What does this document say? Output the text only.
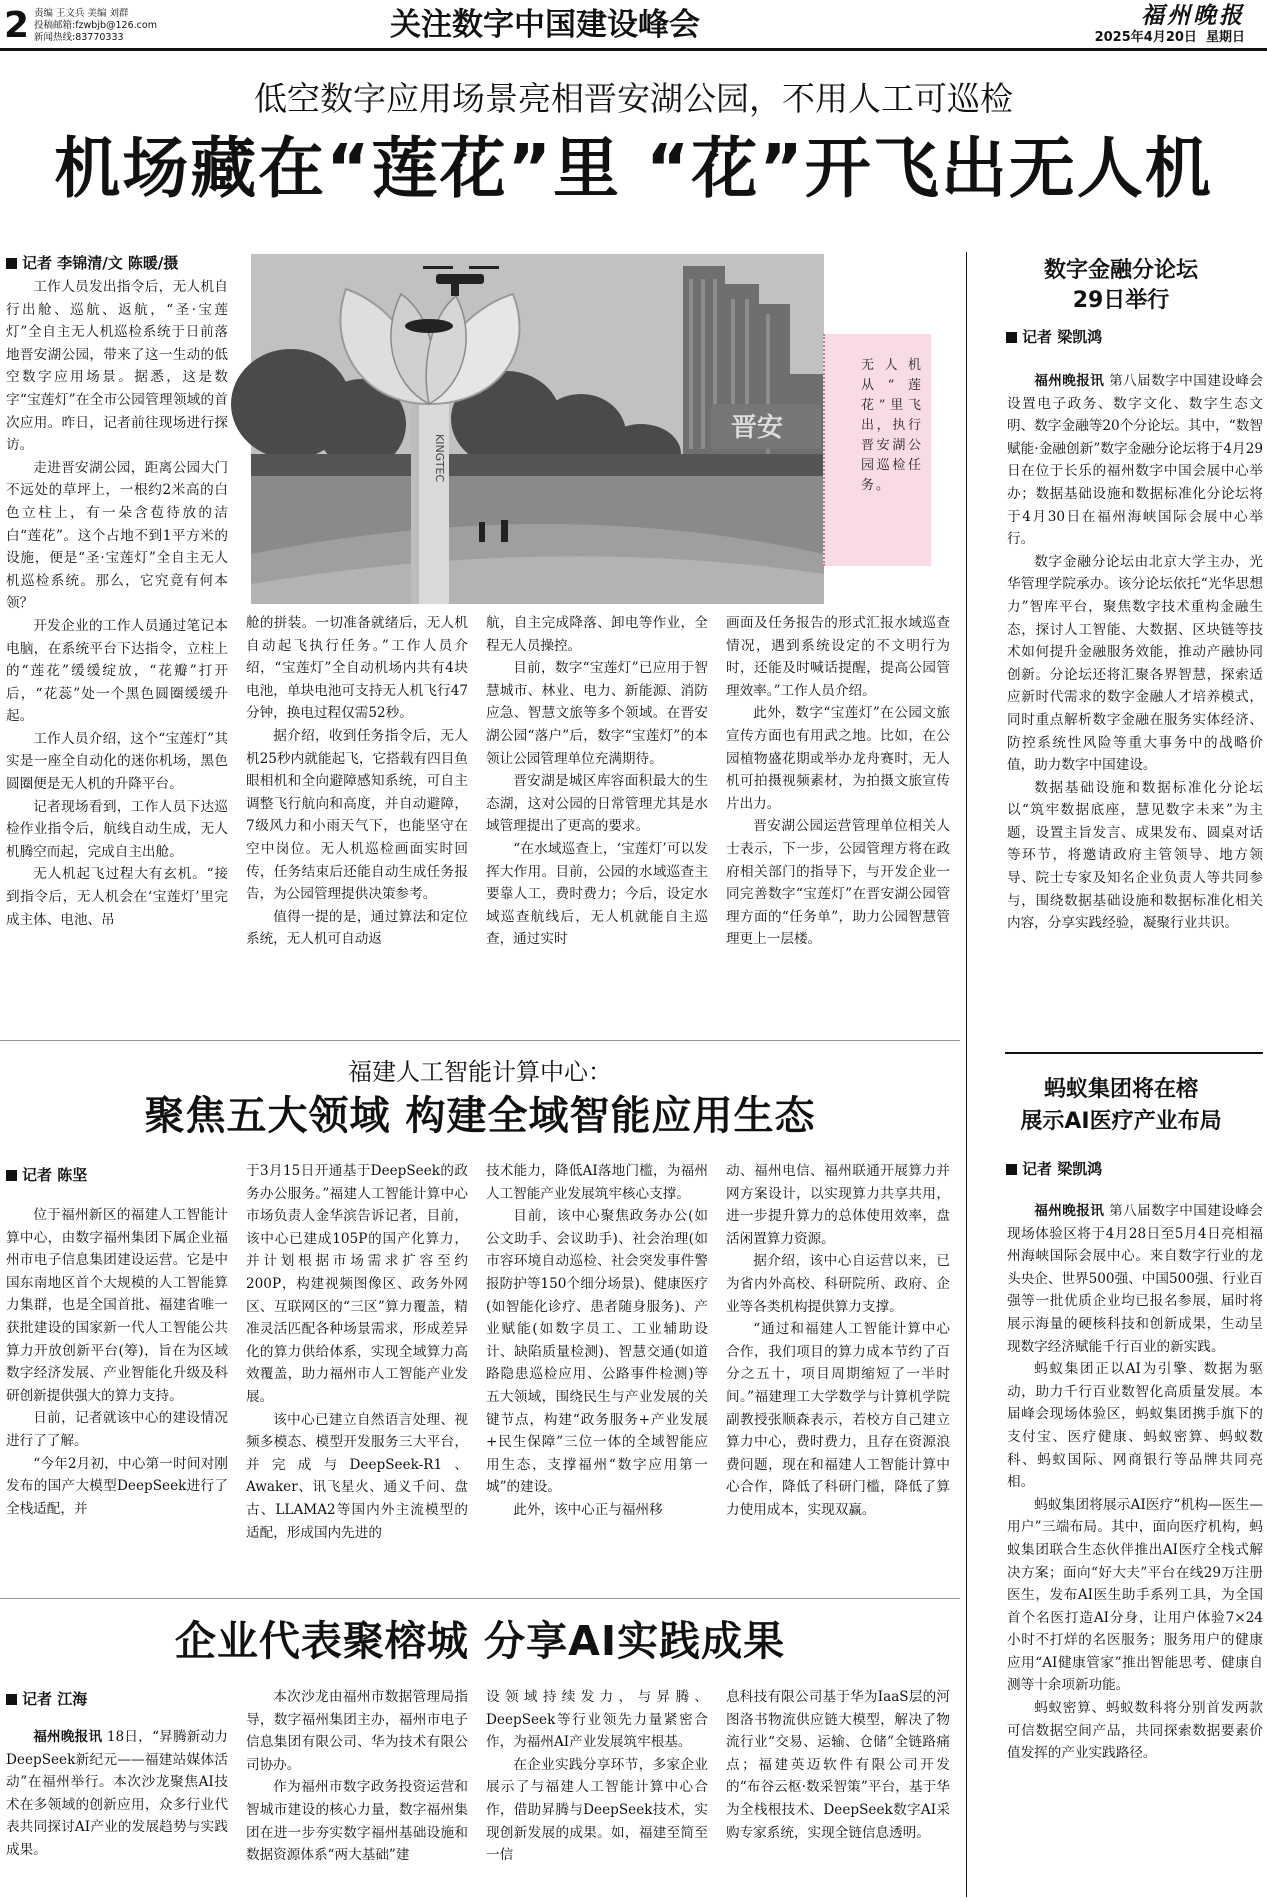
2 责编 王文兵 美编 刘群
投稿邮箱:fzwbjb@126.com
新闻热线:83770333	关注数字中国建设峰会	福州晚报
2025年4月20日 星期日
低空数字应用场景亮相晋安湖公园，不用人工可巡检
机场藏在“莲花”里 “花”开飞出无人机
记者 李锦清/文 陈暖/摄
晋安
KINGTEC
无人机从“莲花”里飞出，执行晋安湖公园巡检任务。

工作人员发出指令后，无人机自行出舱、巡航、返航，“圣·宝莲灯”全自主无人机巡检系统于日前落地晋安湖公园，带来了这一生动的低空数字应用场景。据悉，这是数字“宝莲灯”在全市公园管理领域的首次应用。昨日，记者前往现场进行探访。

走进晋安湖公园，距离公园大门不远处的草坪上，一根约2米高的白色立柱上，有一朵含苞待放的洁白“莲花”。这个占地不到1平方米的设施，便是“圣·宝莲灯”全自主无人机巡检系统。那么，它究竟有何本领？

开发企业的工作人员通过笔记本电脑，在系统平台下达指令，立柱上的“莲花”缓缓绽放，“花瓣”打开后，“花蕊”处一个黑色圆圈缓缓升起。

工作人员介绍，这个“宝莲灯”其实是一座全自动化的迷你机场，黑色圆圈便是无人机的升降平台。

记者现场看到，工作人员下达巡检作业指令后，航线自动生成，无人机腾空而起，完成自主出舱。

无人机起飞过程大有玄机。“接到指令后，无人机会在‘宝莲灯’里完成主体、电池、吊

舱的拼装。一切准备就绪后，无人机自动起飞执行任务。”工作人员介绍，“宝莲灯”全自动机场内共有4块电池，单块电池可支持无人机飞行47分钟，换电过程仅需52秒。

据介绍，收到任务指令后，无人机25秒内就能起飞，它搭载有四目鱼眼相机和全向避障感知系统，可自主调整飞行航向和高度，并自动避障，7级风力和小雨天气下，也能坚守在空中岗位。无人机巡检画面实时回传，任务结束后还能自动生成任务报告，为公园管理提供决策参考。

值得一提的是，通过算法和定位系统，无人机可自动返

航，自主完成降落、卸电等作业，全程无人员操控。

目前，数字“宝莲灯”已应用于智慧城市、林业、电力、新能源、消防应急、智慧文旅等多个领域。在晋安湖公园“落户”后，数字“宝莲灯”的本领让公园管理单位充满期待。

晋安湖是城区库容面积最大的生态湖，这对公园的日常管理尤其是水域管理提出了更高的要求。

“在水域巡查上，‘宝莲灯’可以发挥大作用。目前，公园的水域巡查主要靠人工，费时费力；今后，设定水域巡查航线后，无人机就能自主巡查，通过实时

画面及任务报告的形式汇报水域巡查情况，遇到系统设定的不文明行为时，还能及时喊话提醒，提高公园管理效率。”工作人员介绍。

此外，数字“宝莲灯”在公园文旅宣传方面也有用武之地。比如，在公园植物盛花期或举办龙舟赛时，无人机可拍摄视频素材，为拍摄文旅宣传片出力。

晋安湖公园运营管理单位相关人士表示，下一步，公园管理方将在政府相关部门的指导下，与开发企业一同完善数字“宝莲灯”在晋安湖公园管理方面的“任务单”，助力公园智慧管理更上一层楼。

数字金融分论坛
29日举行
记者 梁凯鸿

福州晚报讯 第八届数字中国建设峰会设置电子政务、数字文化、数字生态文明、数字金融等20个分论坛。其中，“数智赋能·金融创新”数字金融分论坛将于4月29日在位于长乐的福州数字中国会展中心举办；数据基础设施和数据标准化分论坛将于4月30日在福州海峡国际会展中心举行。

数字金融分论坛由北京大学主办，光华管理学院承办。该分论坛依托“光华思想力”智库平台，聚焦数字技术重构金融生态，探讨人工智能、大数据、区块链等技术如何提升金融服务效能，推动产融协同创新。分论坛还将汇聚各界智慧，探索适应新时代需求的数字金融人才培养模式，同时重点解析数字金融在服务实体经济、防控系统性风险等重大事务中的战略价值，助力数字中国建设。

数据基础设施和数据标准化分论坛以“筑牢数据底座，慧见数字未来”为主题，设置主旨发言、成果发布、圆桌对话等环节，将邀请政府主管领导、地方领导、院士专家及知名企业负责人等共同参与，围绕数据基础设施和数据标准化相关内容，分享实践经验，凝聚行业共识。

蚂蚁集团将在榕
展示AI医疗产业布局
记者 梁凯鸿

福州晚报讯 第八届数字中国建设峰会现场体验区将于4月28日至5月4日亮相福州海峡国际会展中心。来自数字行业的龙头央企、世界500强、中国500强、行业百强等一批优质企业均已报名参展，届时将展示海量的硬核科技和创新成果，生动呈现数字经济赋能千行百业的新实践。

蚂蚁集团正以AI为引擎、数据为驱动，助力千行百业数智化高质量发展。本届峰会现场体验区，蚂蚁集团携手旗下的支付宝、医疗健康、蚂蚁密算、蚂蚁数科、蚂蚁国际、网商银行等品牌共同亮相。

蚂蚁集团将展示AI医疗“机构—医生—用户”三端布局。其中，面向医疗机构，蚂蚁集团联合生态伙伴推出AI医疗全栈式解决方案；面向“好大夫”平台在线29万注册医生，发布AI医生助手系列工具，为全国首个名医打造AI分身，让用户体验7×24小时不打烊的名医服务；服务用户的健康应用“AI健康管家”推出智能思考、健康自测等十余项新功能。

蚂蚁密算、蚂蚁数科将分别首发两款可信数据空间产品，共同探索数据要素价值发挥的产业实践路径。

福建人工智能计算中心：
聚焦五大领域 构建全域智能应用生态
记者 陈坚

位于福州新区的福建人工智能计算中心，由数字福州集团下属企业福州市电子信息集团建设运营。它是中国东南地区首个大规模的人工智能算力集群，也是全国首批、福建省唯一获批建设的国家新一代人工智能公共算力开放创新平台(筹)，旨在为区域数字经济发展、产业智能化升级及科研创新提供强大的算力支持。

日前，记者就该中心的建设情况进行了了解。

“今年2月初，中心第一时间对刚发布的国产大模型DeepSeek进行了全栈适配，并

于3月15日开通基于DeepSeek的政务办公服务。”福建人工智能计算中心市场负责人金华滨告诉记者，目前，该中心已建成105P的国产化算力，并计划根据市场需求扩容至约200P，构建视频图像区、政务外网区、互联网区的“三区”算力覆盖，精准灵活匹配各种场景需求，形成差异化的算力供给体系，实现全域算力高效覆盖，助力福州市人工智能产业发展。

该中心已建立自然语言处理、视频多模态、模型开发服务三大平台，并完成与DeepSeek-R1、Awaker、讯飞星火、通义千问、盘古、LLAMA2等国内外主流模型的适配，形成国内先进的

技术能力，降低AI落地门槛，为福州人工智能产业发展筑牢核心支撑。

目前，该中心聚焦政务办公(如公文助手、会议助手)、社会治理(如市容环境自动巡检、社会突发事件警报防护等150个细分场景)、健康医疗(如智能化诊疗、患者随身服务)、产业赋能(如数字员工、工业辅助设计、缺陷质量检测)、智慧交通(如道路隐患巡检应用、公路事件检测)等五大领域，围绕民生与产业发展的关键节点，构建“政务服务+产业发展+民生保障”三位一体的全域智能应用生态，支撑福州“数字应用第一城”的建设。

此外，该中心正与福州移

动、福州电信、福州联通开展算力并网方案设计，以实现算力共享共用，进一步提升算力的总体使用效率，盘活闲置算力资源。

据介绍，该中心自运营以来，已为省内外高校、科研院所、政府、企业等各类机构提供算力支撑。

“通过和福建人工智能计算中心合作，我们项目的算力成本节约了百分之五十，项目周期缩短了一半时间。”福建理工大学数学与计算机学院副教授张顺森表示，若校方自己建立算力中心，费时费力，且存在资源浪费问题，现在和福建人工智能计算中心合作，降低了科研门槛，降低了算力使用成本，实现双赢。

企业代表聚榕城 分享AI实践成果
记者 江海

福州晚报讯 18日，“昇腾新动力 DeepSeek新纪元——福建站媒体活动”在福州举行。本次沙龙聚焦AI技术在多领域的创新应用，众多行业代表共同探讨AI产业的发展趋势与实践成果。

本次沙龙由福州市数据管理局指导，数字福州集团主办，福州市电子信息集团有限公司、华为技术有限公司协办。

作为福州市数字政务投资运营和智城市建设的核心力量，数字福州集团在进一步夯实数字福州基础设施和数据资源体系“两大基础”建

设领域持续发力，与昇腾、DeepSeek等行业领先力量紧密合作，为福州AI产业发展筑牢根基。

在企业实践分享环节，多家企业展示了与福建人工智能计算中心合作，借助昇腾与DeepSeek技术，实现创新发展的成果。如，福建至简至一信

息科技有限公司基于华为IaaS层的河图洛书物流供应链大模型，解决了物流行业“交易、运输、仓储”全链路痛点；福建英迈软件有限公司开发的“布谷云枢·数采智策”平台，基于华为全栈根技术、DeepSeek数字AI采购专家系统，实现全链信息透明。
